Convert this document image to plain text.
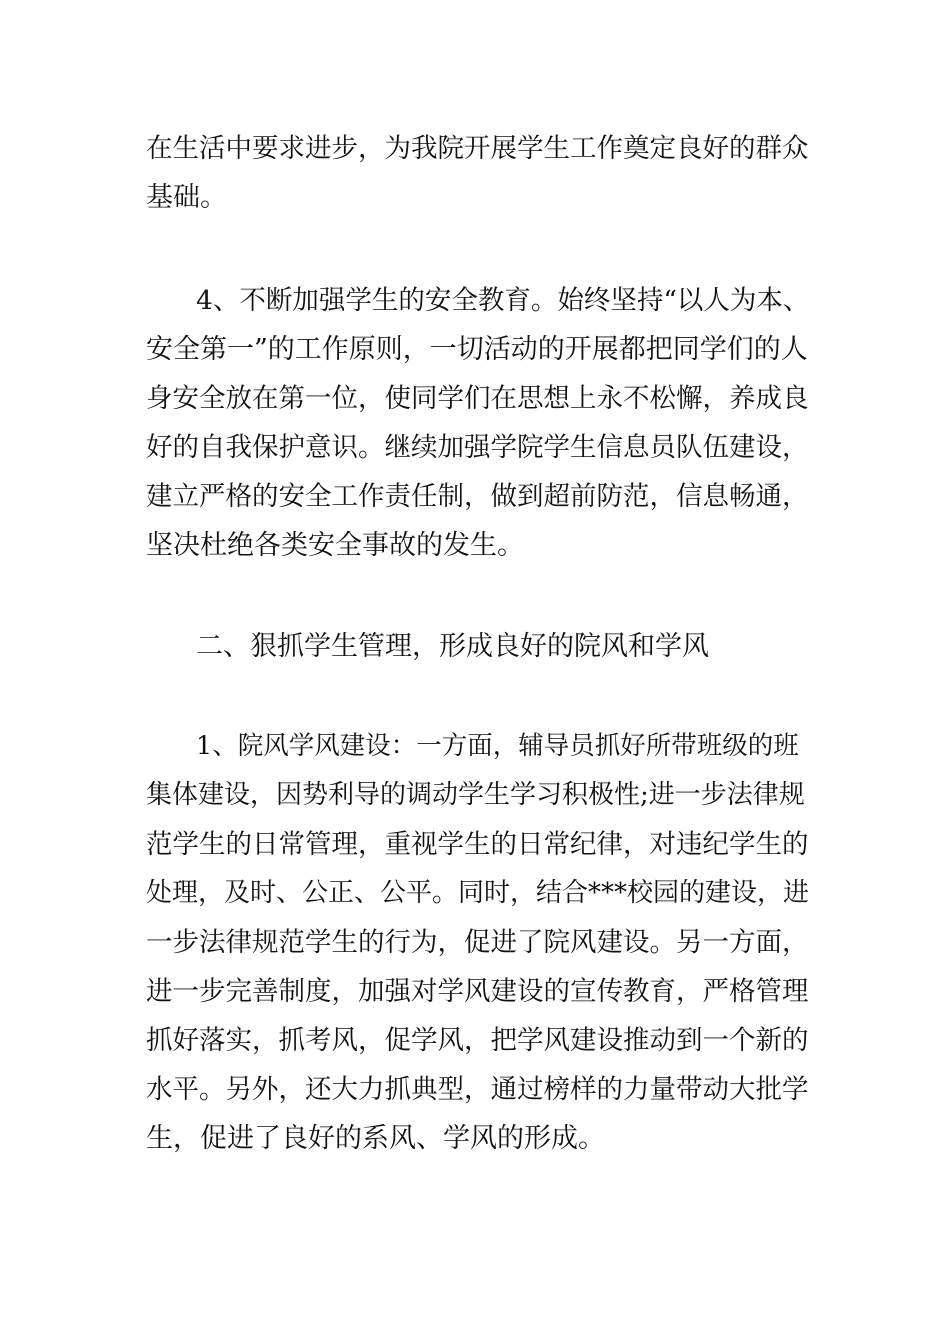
在生活中要求进步，为我院开展学生工作奠定良好的群众
基础。
4、不断加强学生的安全教育。始终坚持“以人为本、
安全第一”的工作原则，一切活动的开展都把同学们的人
身安全放在第一位，使同学们在思想上永不松懈，养成良
好的自我保护意识。继续加强学院学生信息员队伍建设，
建立严格的安全工作责任制，做到超前防范，信息畅通，
坚决杜绝各类安全事故的发生。
二、狠抓学生管理，形成良好的院风和学风
1、院风学风建设：一方面，辅导员抓好所带班级的班
集体建设，因势利导的调动学生学习积极性;进一步法律规
范学生的日常管理，重视学生的日常纪律，对违纪学生的
处理，及时、公正、公平。同时，结合***校园的建设，进
一步法律规范学生的行为，促进了院风建设。另一方面，
进一步完善制度，加强对学风建设的宣传教育，严格管理
抓好落实，抓考风，促学风，把学风建设推动到一个新的
水平。另外，还大力抓典型，通过榜样的力量带动大批学
生，促进了良好的系风、学风的形成。
